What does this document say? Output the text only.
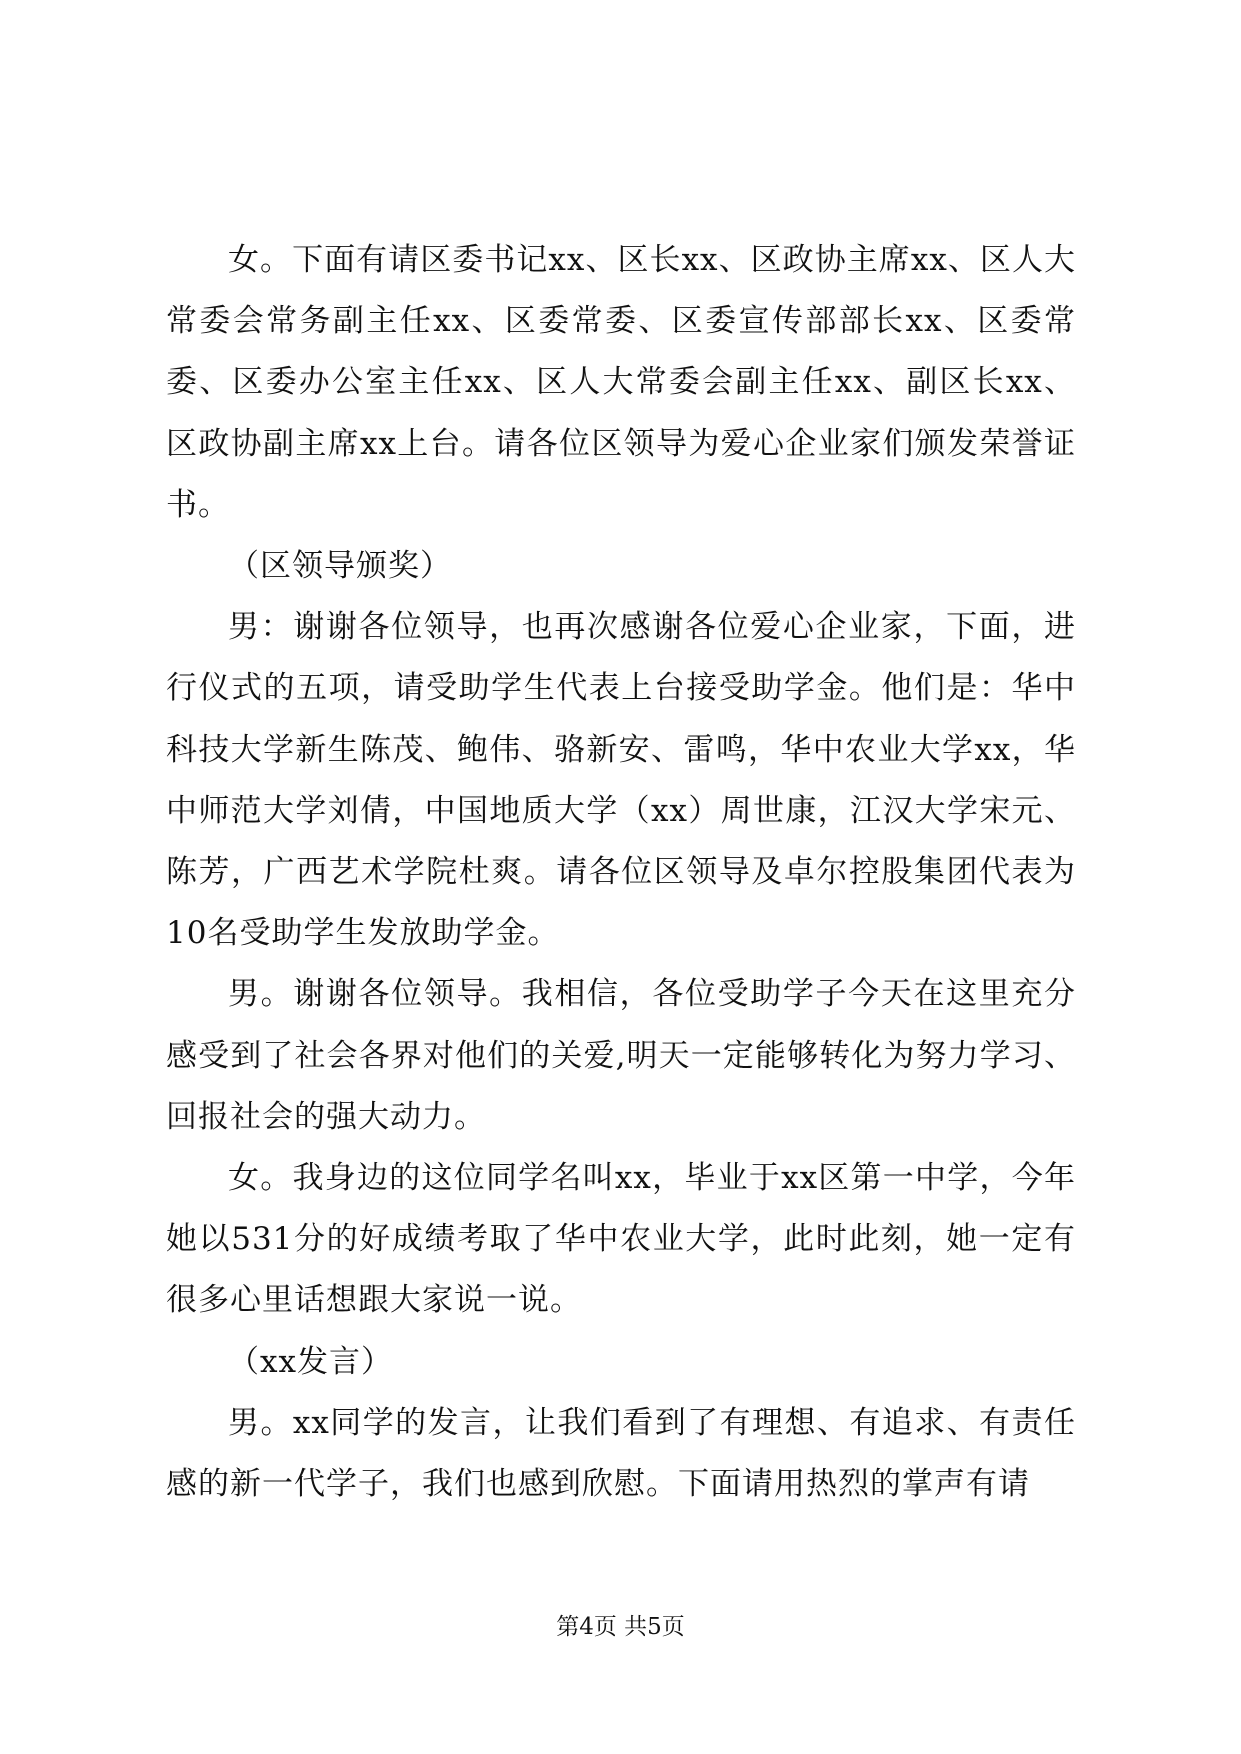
女。下面有请区委书记xx、区长xx、区政协主席xx、区人大常委会常务副主任xx、区委常委、区委宣传部部长xx、区委常委、区委办公室主任xx、区人大常委会副主任xx、副区长xx、区政协副主席xx上台。请各位区领导为爱心企业家们颁发荣誉证书。

（区领导颁奖）

男：谢谢各位领导，也再次感谢各位爱心企业家，下面，进行仪式的五项，请受助学生代表上台接受助学金。他们是：华中科技大学新生陈茂、鲍伟、骆新安、雷鸣，华中农业大学xx，华中师范大学刘倩，中国地质大学（xx）周世康，江汉大学宋元、陈芳，广西艺术学院杜爽。请各位区领导及卓尔控股集团代表为10名受助学生发放助学金。

男。谢谢各位领导。我相信，各位受助学子今天在这里充分感受到了社会各界对他们的关爱,明天一定能够转化为努力学习、回报社会的强大动力。

女。我身边的这位同学名叫xx，毕业于xx区第一中学，今年她以531分的好成绩考取了华中农业大学，此时此刻，她一定有很多心里话想跟大家说一说。

（xx发言）

男。xx同学的发言，让我们看到了有理想、有追求、有责任感的新一代学子，我们也感到欣慰。下面请用热烈的掌声有请

第4页 共5页
